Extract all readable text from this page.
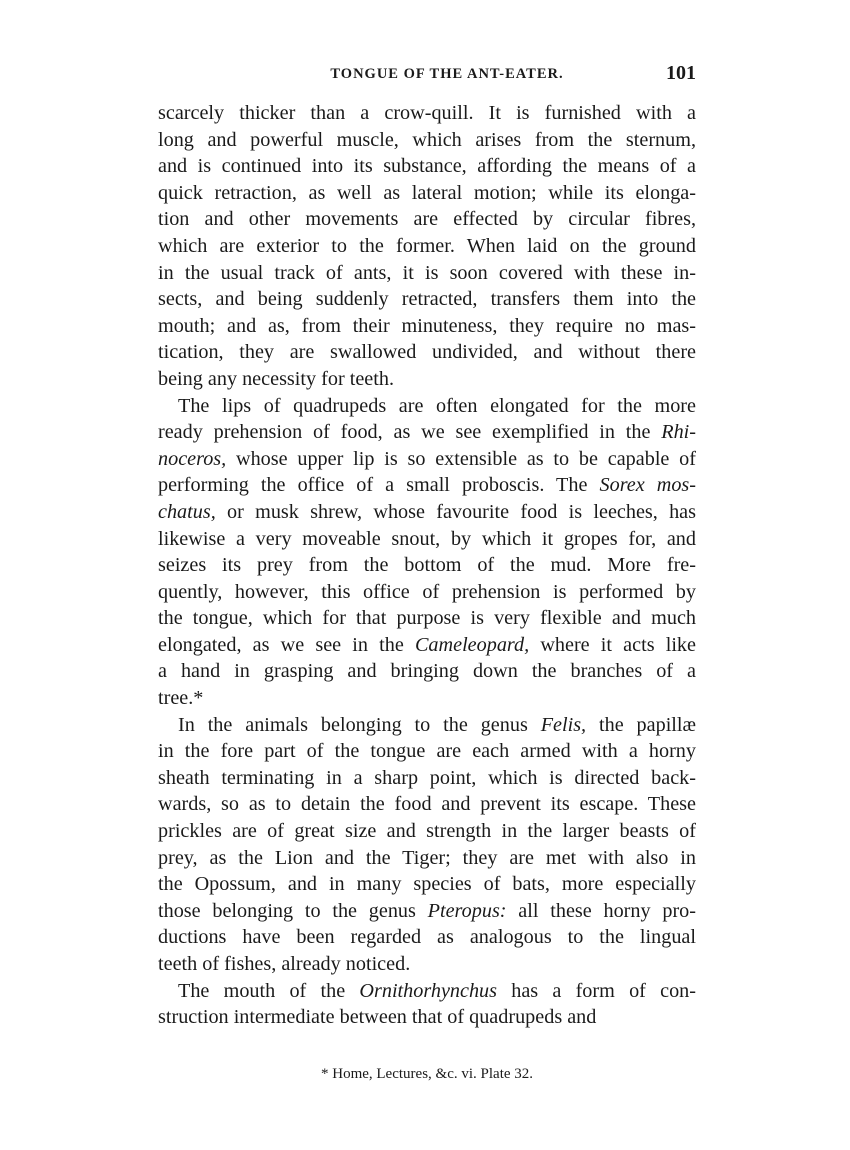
TONGUE OF THE ANT-EATER.	101
scarcely thicker than a crow-quill. It is furnished with a
long and powerful muscle, which arises from the sternum,
and is continued into its substance, affording the means of a
quick retraction, as well as lateral motion; while its elonga-
tion and other movements are effected by circular fibres,
which are exterior to the former. When laid on the ground
in the usual track of ants, it is soon covered with these in-
sects, and being suddenly retracted, transfers them into the
mouth; and as, from their minuteness, they require no mas-
tication, they are swallowed undivided, and without there
being any necessity for teeth.
The lips of quadrupeds are often elongated for the more
ready prehension of food, as we see exemplified in the Rhi-
noceros, whose upper lip is so extensible as to be capable of
performing the office of a small proboscis. The Sorex mos-
chatus, or musk shrew, whose favourite food is leeches, has
likewise a very moveable snout, by which it gropes for, and
seizes its prey from the bottom of the mud. More fre-
quently, however, this office of prehension is performed by
the tongue, which for that purpose is very flexible and much
elongated, as we see in the Cameleopard, where it acts like
a hand in grasping and bringing down the branches of a
tree.*
In the animals belonging to the genus Felis, the papillæ
in the fore part of the tongue are each armed with a horny
sheath terminating in a sharp point, which is directed back-
wards, so as to detain the food and prevent its escape. These
prickles are of great size and strength in the larger beasts of
prey, as the Lion and the Tiger; they are met with also in
the Opossum, and in many species of bats, more especially
those belonging to the genus Pteropus: all these horny pro-
ductions have been regarded as analogous to the lingual
teeth of fishes, already noticed.
The mouth of the Ornithorhynchus has a form of con-
struction intermediate between that of quadrupeds and
* Home, Lectures, &c. vi. Plate 32.
